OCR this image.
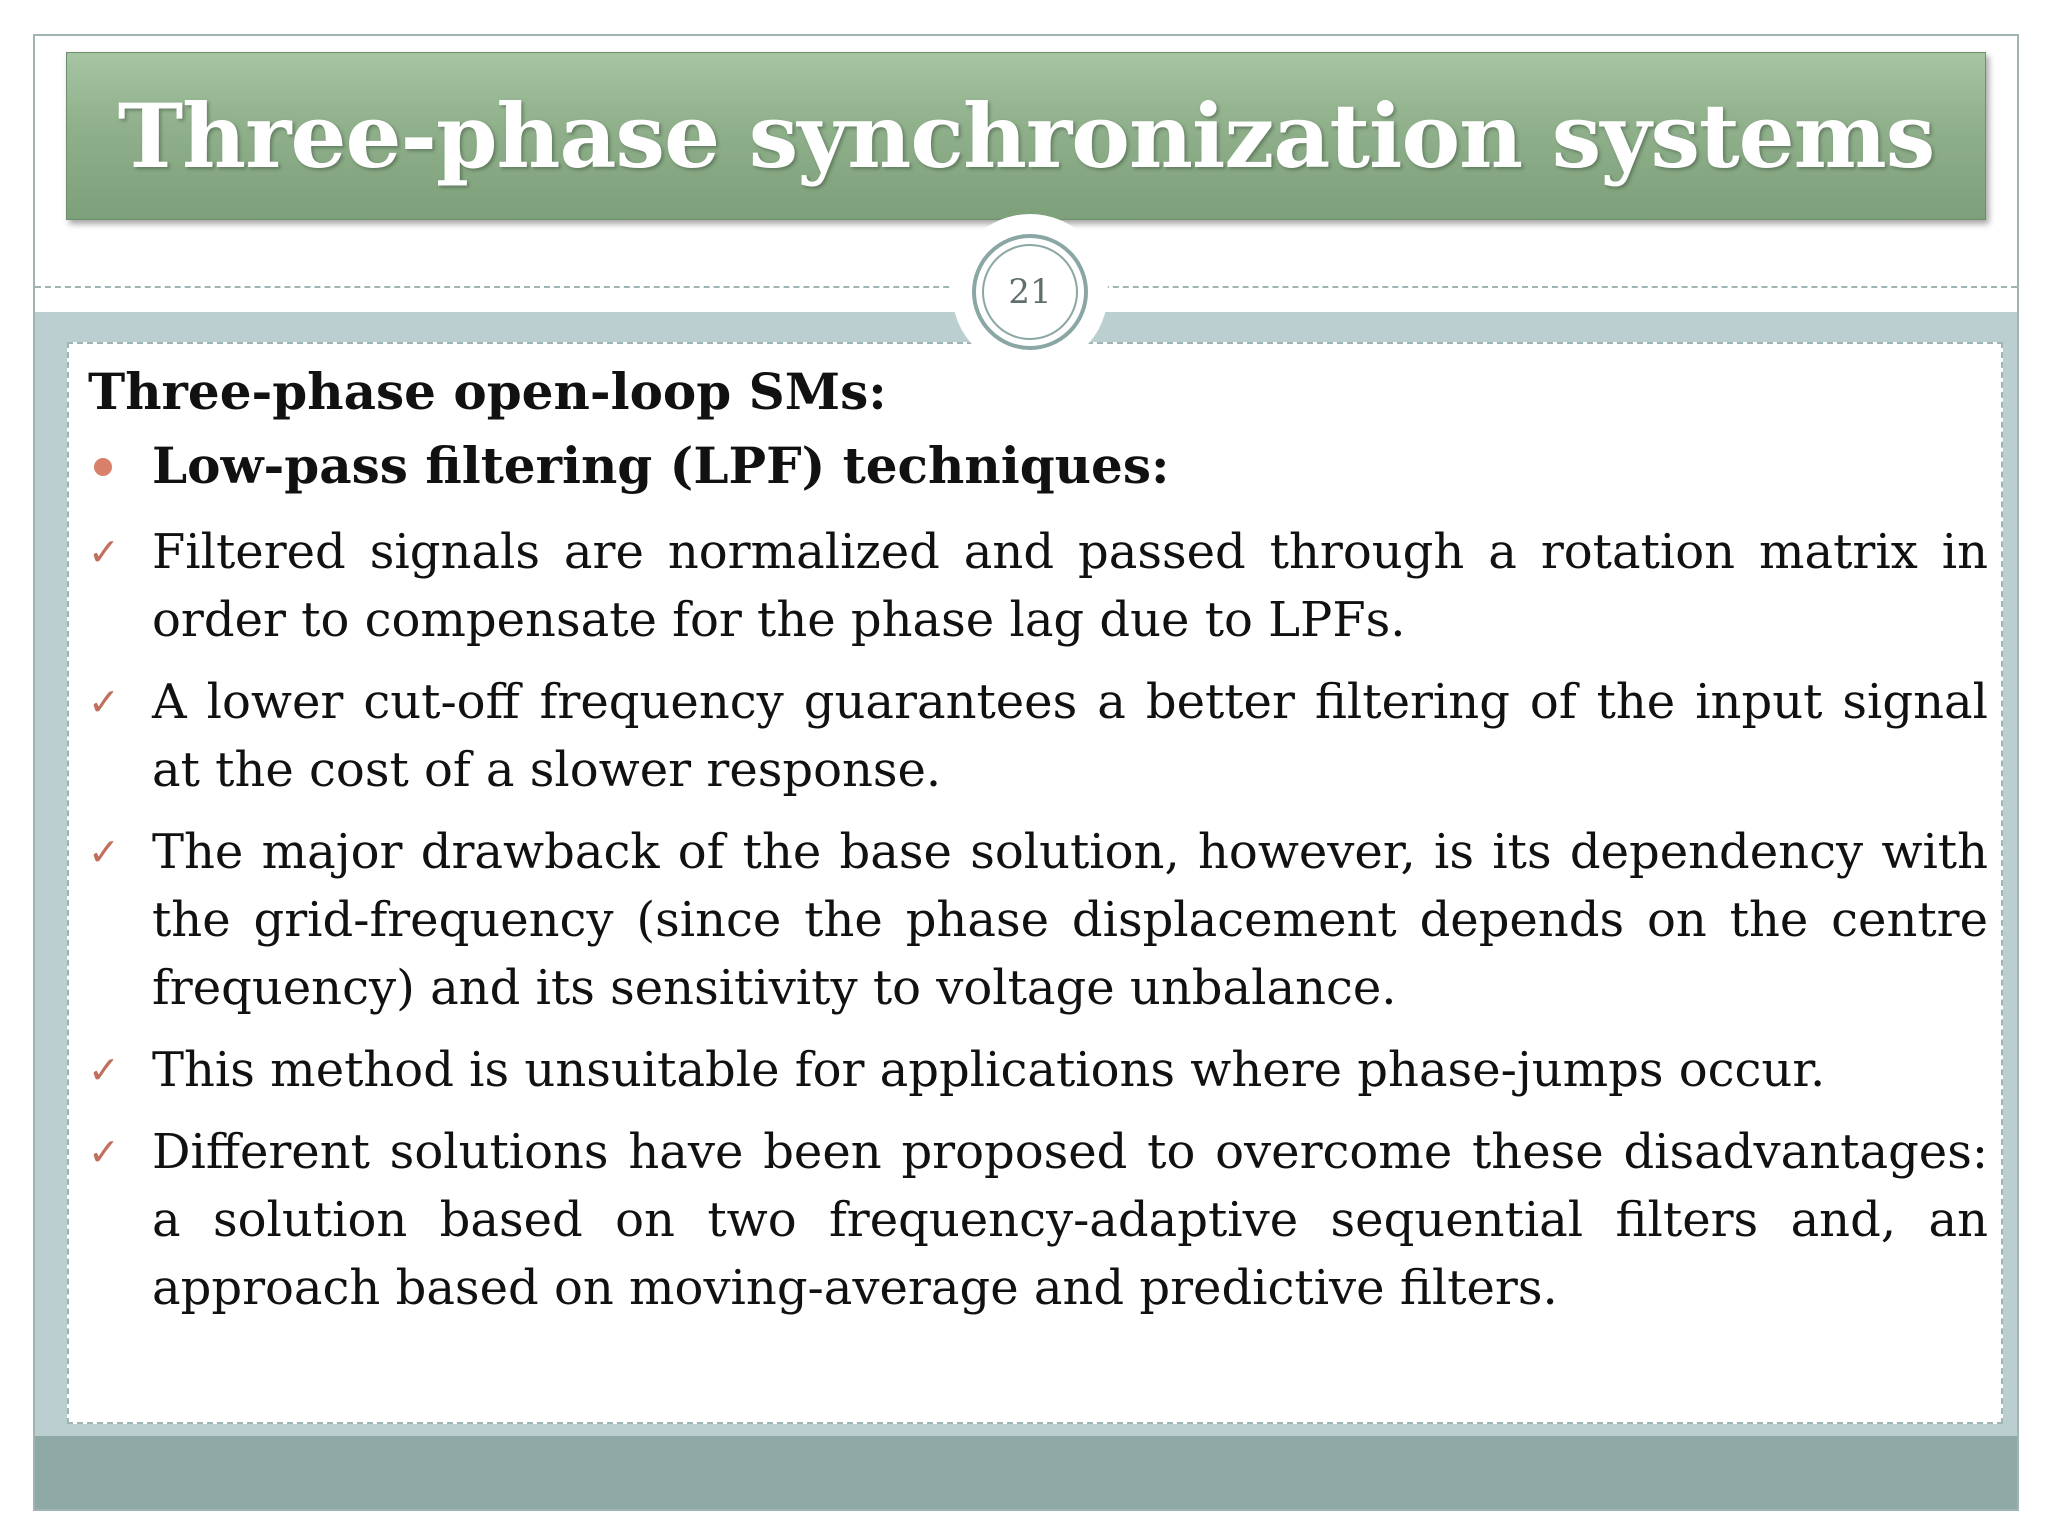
Three-phase synchronization systems
21
Three-phase open-loop SMs:
Low-pass filtering (LPF) techniques:
✓ Filtered signals are normalized and passed through a rotation matrix in order to compensate for the phase lag due to LPFs.
✓ A lower cut-off frequency guarantees a better filtering of the input signal at the cost of a slower response.
✓ The major drawback of the base solution, however, is its dependency with the grid-frequency (since the phase displacement depends on the centre frequency) and its sensitivity to voltage unbalance.
✓ This method is unsuitable for applications where phase-jumps occur.
✓ Different solutions have been proposed to overcome these disadvantages: a solution based on two frequency-adaptive sequential filters and, an approach based on moving-average and predictive filters.
